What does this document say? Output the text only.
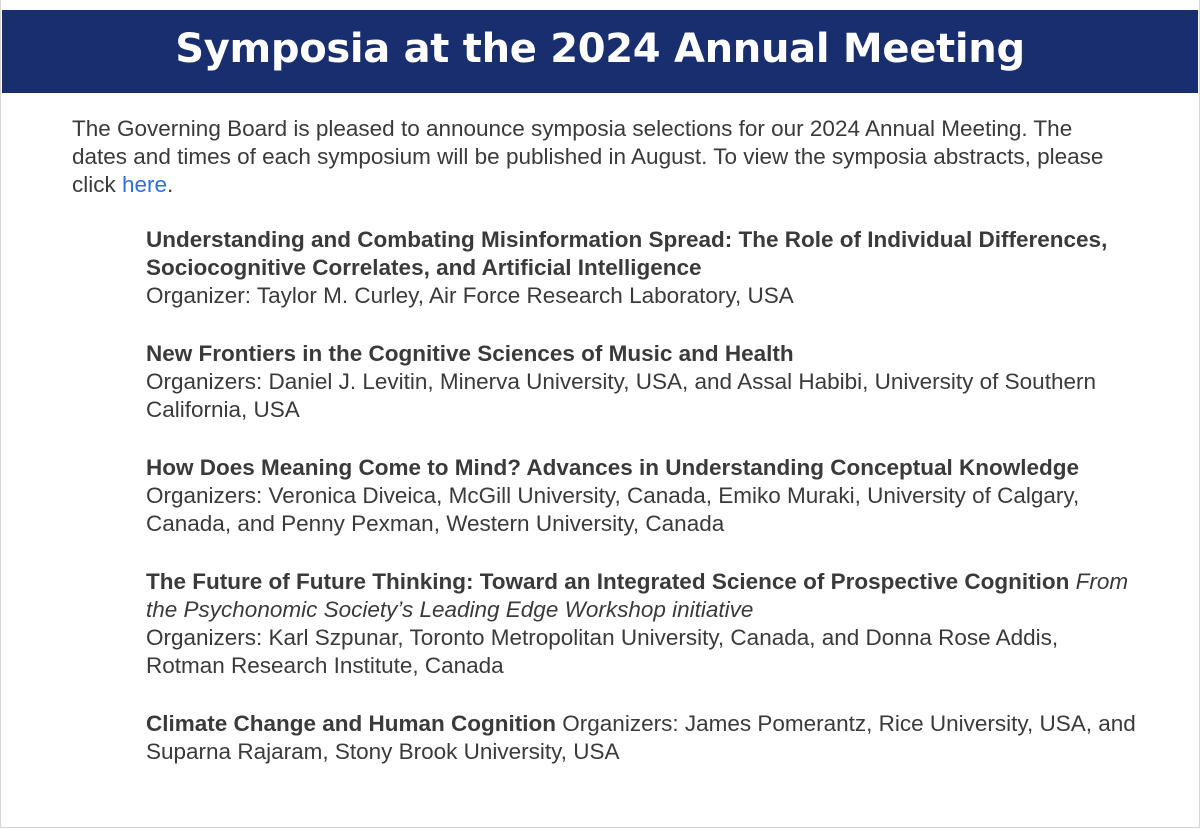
Symposia at the 2024 Annual Meeting

The Governing Board is pleased to announce symposia selections for our 2024 Annual Meeting. The dates and times of each symposium will be published in August. To view the symposia abstracts, please click here.

Understanding and Combating Misinformation Spread: The Role of Individual Differences, Sociocognitive Correlates, and Artificial Intelligence
Organizer: Taylor M. Curley, Air Force Research Laboratory, USA

New Frontiers in the Cognitive Sciences of Music and Health
Organizers: Daniel J. Levitin, Minerva University, USA, and Assal Habibi, University of Southern California, USA

How Does Meaning Come to Mind? Advances in Understanding Conceptual Knowledge
Organizers: Veronica Diveica, McGill University, Canada, Emiko Muraki, University of Calgary, Canada, and Penny Pexman, Western University, Canada

The Future of Future Thinking: Toward an Integrated Science of Prospective Cognition From the Psychonomic Society’s Leading Edge Workshop initiative
Organizers: Karl Szpunar, Toronto Metropolitan University, Canada, and Donna Rose Addis, Rotman Research Institute, Canada

Climate Change and Human Cognition Organizers: James Pomerantz, Rice University, USA, and Suparna Rajaram, Stony Brook University, USA
